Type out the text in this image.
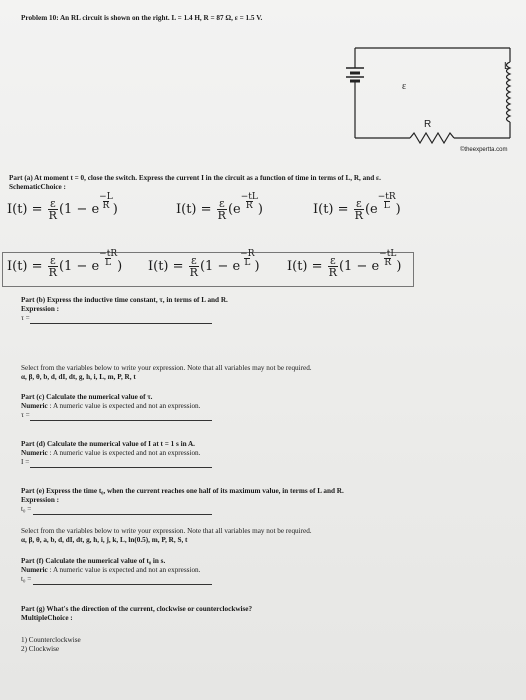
Problem 10: An RL circuit is shown on the right. L = 1.4 H, R = 87 Ω, ε = 1.5 V.
L
ε
R
©theexpertta.com
Part (a) At moment t = 0, close the switch. Express the current I in the circuit as a function of time in terms of L, R, and ε.
SchematicChoice :
$I(t) = \frac{\varepsilon}{R} (1 - e \frac{-L}{R}$ )	$I(t) = \frac{\varepsilon}{R} (e \frac{-tL}{R}$ )	$I(t) = \frac{\varepsilon}{R} (e \frac{-tR}{L}$ )
$I(t) = \frac{\varepsilon}{R} (1 - e \frac{-tR}{L}$ ) $I(t) = \frac{\varepsilon}{R} (1 - e \frac{-R}{L}$ ) $I(t) = \frac{\varepsilon}{R} (1 - e \frac{-tL}{R}$ )
Part (b) Express the inductive time constant, τ, in terms of L and R.
Expression :
τ =
Select from the variables below to write your expression. Note that all variables may not be required.
α, β, θ, b, d, dI, dt, g, h, i, L, m, P, R, t
Part (c) Calculate the numerical value of τ.
Numeric : A numeric value is expected and not an expression.
τ =
Part (d) Calculate the numerical value of I at t = 1 s in A.
Numeric : A numeric value is expected and not an expression.
I =
Part (e) Express the time t₀, when the current reaches one half of its maximum value, in terms of L and R.
Expression :
t₀ =
Select from the variables below to write your expression. Note that all variables may not be required.
α, β, θ, a, b, d, dI, dt, g, h, i, j, k, L, ln(0.5), m, P, R, S, t
Part (f) Calculate the numerical value of t₀ in s.
Numeric : A numeric value is expected and not an expression.
t₀ =
Part (g) What's the direction of the current, clockwise or counterclockwise?
MultipleChoice :
1) Counterclockwise
2) Clockwise
